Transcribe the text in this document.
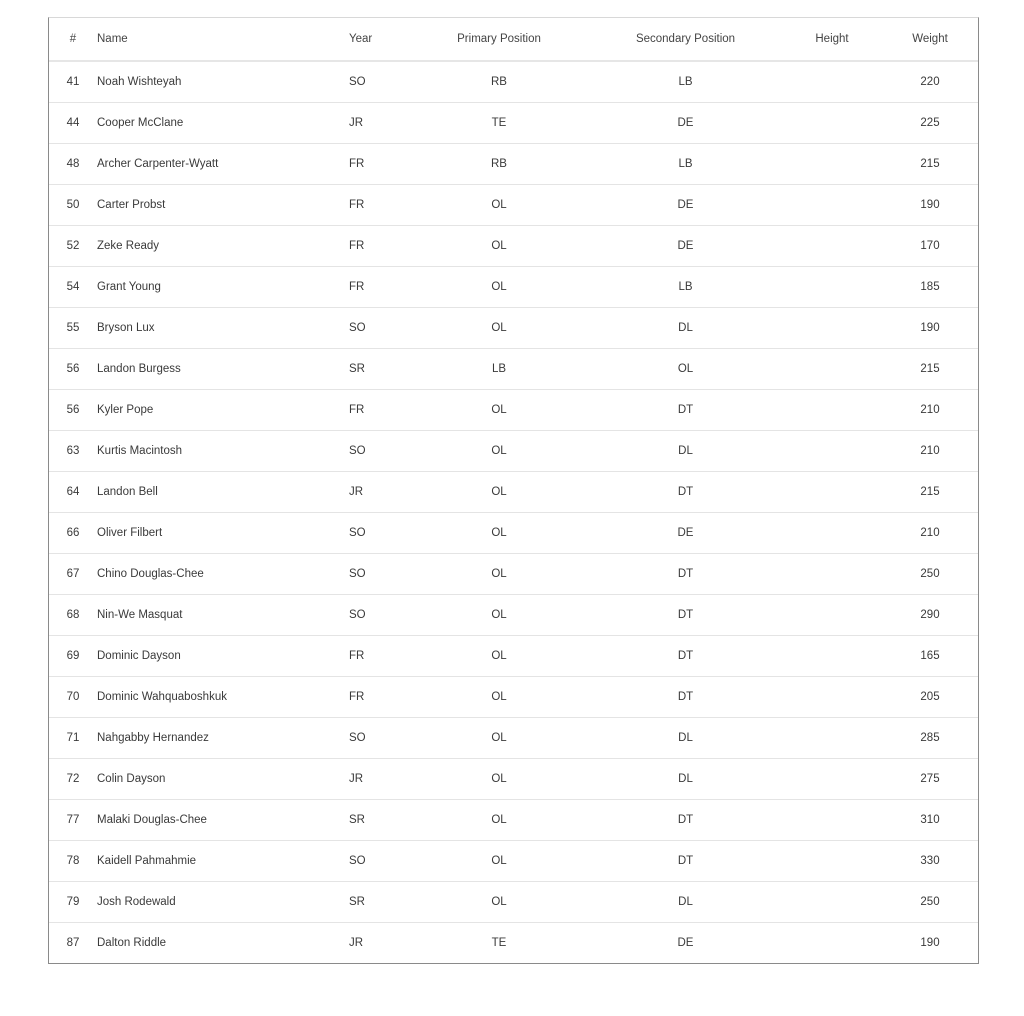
#	Name	Year	Primary Position	Secondary Position	Height	Weight
41	Noah Wishteyah	SO	RB	LB		220
44	Cooper McClane	JR	TE	DE		225
48	Archer Carpenter-Wyatt	FR	RB	LB		215
50	Carter Probst	FR	OL	DE		190
52	Zeke Ready	FR	OL	DE		170
54	Grant Young	FR	OL	LB		185
55	Bryson Lux	SO	OL	DL		190
56	Landon Burgess	SR	LB	OL		215
56	Kyler Pope	FR	OL	DT		210
63	Kurtis Macintosh	SO	OL	DL		210
64	Landon Bell	JR	OL	DT		215
66	Oliver Filbert	SO	OL	DE		210
67	Chino Douglas-Chee	SO	OL	DT		250
68	Nin-We Masquat	SO	OL	DT		290
69	Dominic Dayson	FR	OL	DT		165
70	Dominic Wahquaboshkuk	FR	OL	DT		205
71	Nahgabby Hernandez	SO	OL	DL		285
72	Colin Dayson	JR	OL	DL		275
77	Malaki Douglas-Chee	SR	OL	DT		310
78	Kaidell Pahmahmie	SO	OL	DT		330
79	Josh Rodewald	SR	OL	DL		250
87	Dalton Riddle	JR	TE	DE		190
